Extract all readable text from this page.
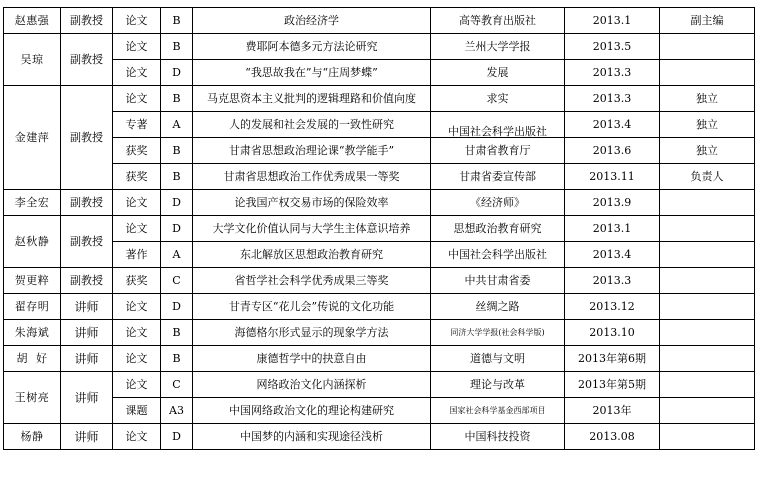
赵惠强	副教授	论文	B	政治经济学	高等教育出版社	2013.1	副主编
吴琼	副教授	论文	B	费耶阿本德多元方法论研究	兰州大学学报	2013.5	
		论文	D	“我思故我在”与“庄周梦蝶”	发展	2013.3	
金建萍	副教授	论文	B	马克思资本主义批判的逻辑理路和价值向度	求实	2013.3	独立
		专著	A	人的发展和社会发展的一致性研究	中国社会科学出版社	2013.4	独立
		获奖	B	甘肃省思想政治理论课“教学能手”	甘肃省教育厅	2013.6	独立
		获奖	B	甘肃省思想政治工作优秀成果一等奖	甘肃省委宣传部	2013.11	负责人
李全宏	副教授	论文	D	论我国产权交易市场的保险效率	《经济师》	2013.9	
赵秋静	副教授	论文	D	大学文化价值认同与大学生主体意识培养	思想政治教育研究	2013.1	
		著作	A	东北解放区思想政治教育研究	中国社会科学出版社	2013.4	
贺更粹	副教授	获奖	C	省哲学社会科学优秀成果三等奖	中共甘肃省委	2013.3	
翟存明	讲师	论文	D	甘青专区“花儿会”传说的文化功能	丝绸之路	2013.12	
朱海斌	讲师	论文	B	海德格尔形式显示的现象学方法	同济大学学报(社会科学版)	2013.10	
胡  好	讲师	论文	B	康德哲学中的抉意自由	道德与文明	2013年第6期	
王树亮	讲师	论文	C	网络政治文化内涵探析	理论与改革	2013年第5期	
		课题	A3	中国网络政治文化的理论构建研究	国家社会科学基金西部项目	2013年	
杨静	讲师	论文	D	中国梦的内涵和实现途径浅析	中国科技投资	2013.08	
